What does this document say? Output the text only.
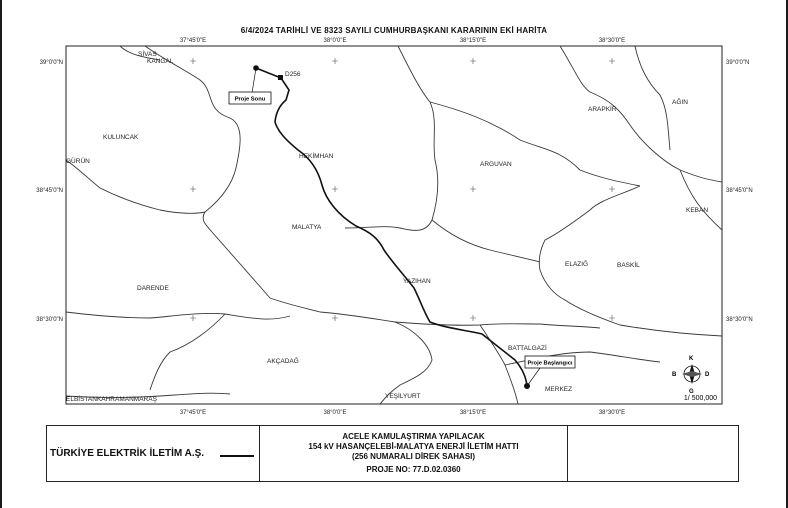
6/4/2024 TARİHLİ VE 8323 SAYILI CUMHURBAŞKANI KARARININ EKİ HARİTA
37°45'0"E	38°0'0"E	38°15'0"E	38°30'0"E
37°45'0"E	38°0'0"E	38°15'0"E	38°30'0"E
39°0'0"N
38°45'0"N
38°30'0"N
39°0'0"N
38°45'0"N
38°30'0"N
SİVAS
KANGAL
D256
KULUNCAK
GÜRÜN
HEKİMHAN
ARGUVAN
ARAPKİR
AĞIN
KEBAN
MALATYA
ELAZIĞ	BASKİL
DARENDE
YAZIHAN
BATTALGAZİ
AKÇADAĞ
MERKEZ
ELBİSTANKAHRAMANMARAŞ	YEŞİLYURT
Proje Sonu
Proje Başlangıcı
K
G
D
B
1/ 500,000
TÜRKİYE ELEKTRİK İLETİM A.Ş.
ACELE KAMULAŞTIRMA YAPILACAK
154 kV HASANÇELEBİ-MALATYA ENERJİ İLETİM HATTI
(256 NUMARALI DİREK SAHASI)
PROJE NO: 77.D.02.0360
